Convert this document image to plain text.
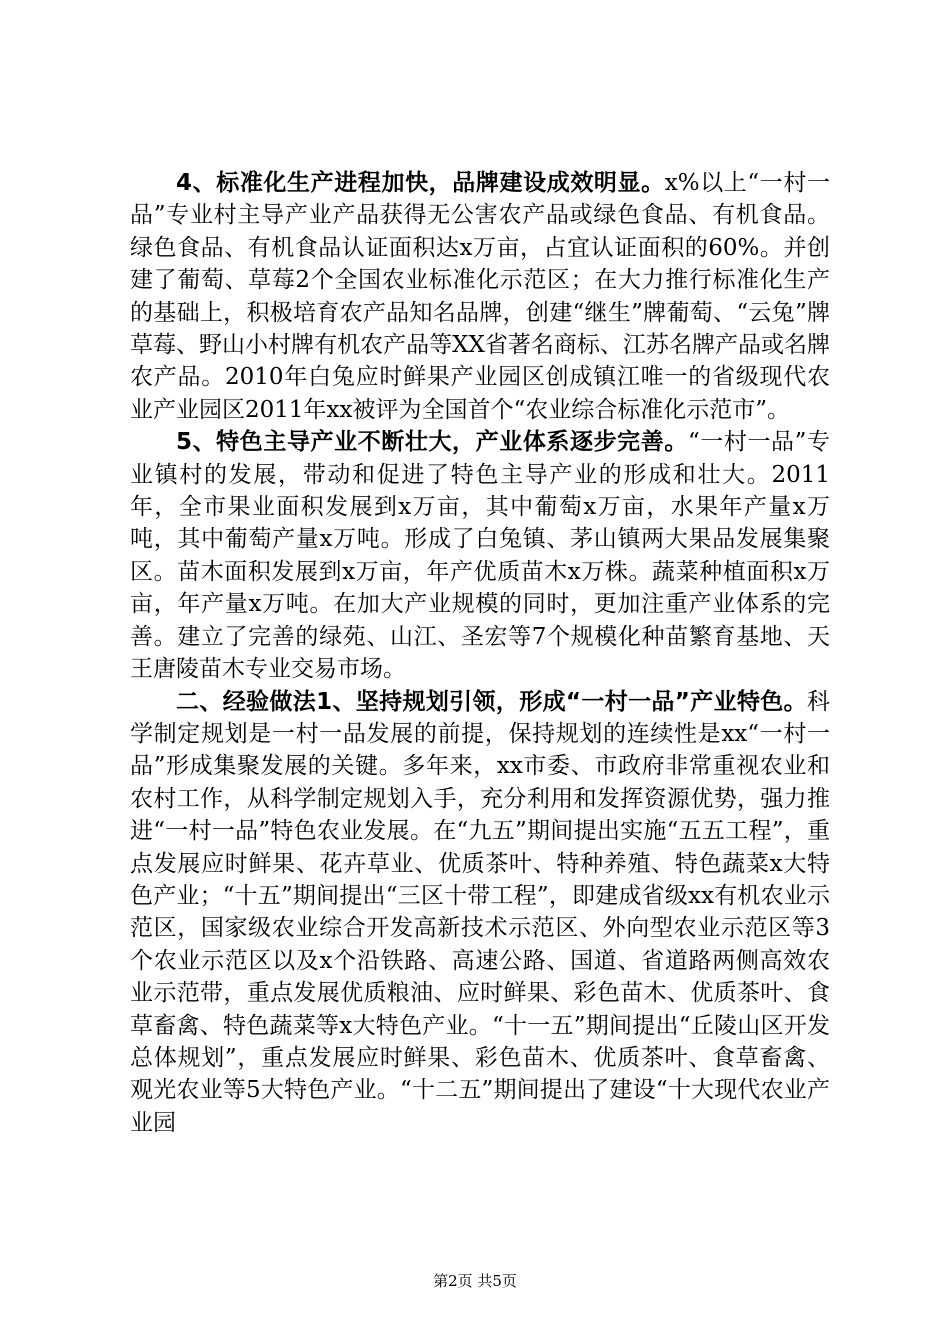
4、标准化生产进程加快，品牌建设成效明显。x%以上“一村一品”专业村主导产业产品获得无公害农产品或绿色食品、有机食品。绿色食品、有机食品认证面积达x万亩，占宜认证面积的60%。并创建了葡萄、草莓2个全国农业标准化示范区；在大力推行标准化生产的基础上，积极培育农产品知名品牌，创建“继生”牌葡萄、“云兔”牌草莓、野山小村牌有机农产品等XX省著名商标、江苏名牌产品或名牌农产品。2010年白兔应时鲜果产业园区创成镇江唯一的省级现代农业产业园区2011年xx被评为全国首个“农业综合标准化示范市”。

5、特色主导产业不断壮大，产业体系逐步完善。“一村一品”专业镇村的发展，带动和促进了特色主导产业的形成和壮大。2011年，全市果业面积发展到x万亩，其中葡萄x万亩，水果年产量x万吨，其中葡萄产量x万吨。形成了白兔镇、茅山镇两大果品发展集聚区。苗木面积发展到x万亩，年产优质苗木x万株。蔬菜种植面积x万亩，年产量x万吨。在加大产业规模的同时，更加注重产业体系的完善。建立了完善的绿苑、山江、圣宏等7个规模化种苗繁育基地、天王唐陵苗木专业交易市场。

二、经验做法1、坚持规划引领，形成“一村一品”产业特色。科学制定规划是一村一品发展的前提，保持规划的连续性是xx“一村一品”形成集聚发展的关键。多年来，xx市委、市政府非常重视农业和农村工作，从科学制定规划入手，充分利用和发挥资源优势，强力推进“一村一品”特色农业发展。在“九五”期间提出实施“五五工程”，重点发展应时鲜果、花卉草业、优质茶叶、特种养殖、特色蔬菜x大特色产业；“十五”期间提出“三区十带工程”，即建成省级xx有机农业示范区，国家级农业综合开发高新技术示范区、外向型农业示范区等3个农业示范区以及x个沿铁路、高速公路、国道、省道路两侧高效农业示范带，重点发展优质粮油、应时鲜果、彩色苗木、优质茶叶、食草畜禽、特色蔬菜等x大特色产业。“十一五”期间提出“丘陵山区开发总体规划”，重点发展应时鲜果、彩色苗木、优质茶叶、食草畜禽、观光农业等5大特色产业。“十二五”期间提出了建设“十大现代农业产业园

第2页 共5页
